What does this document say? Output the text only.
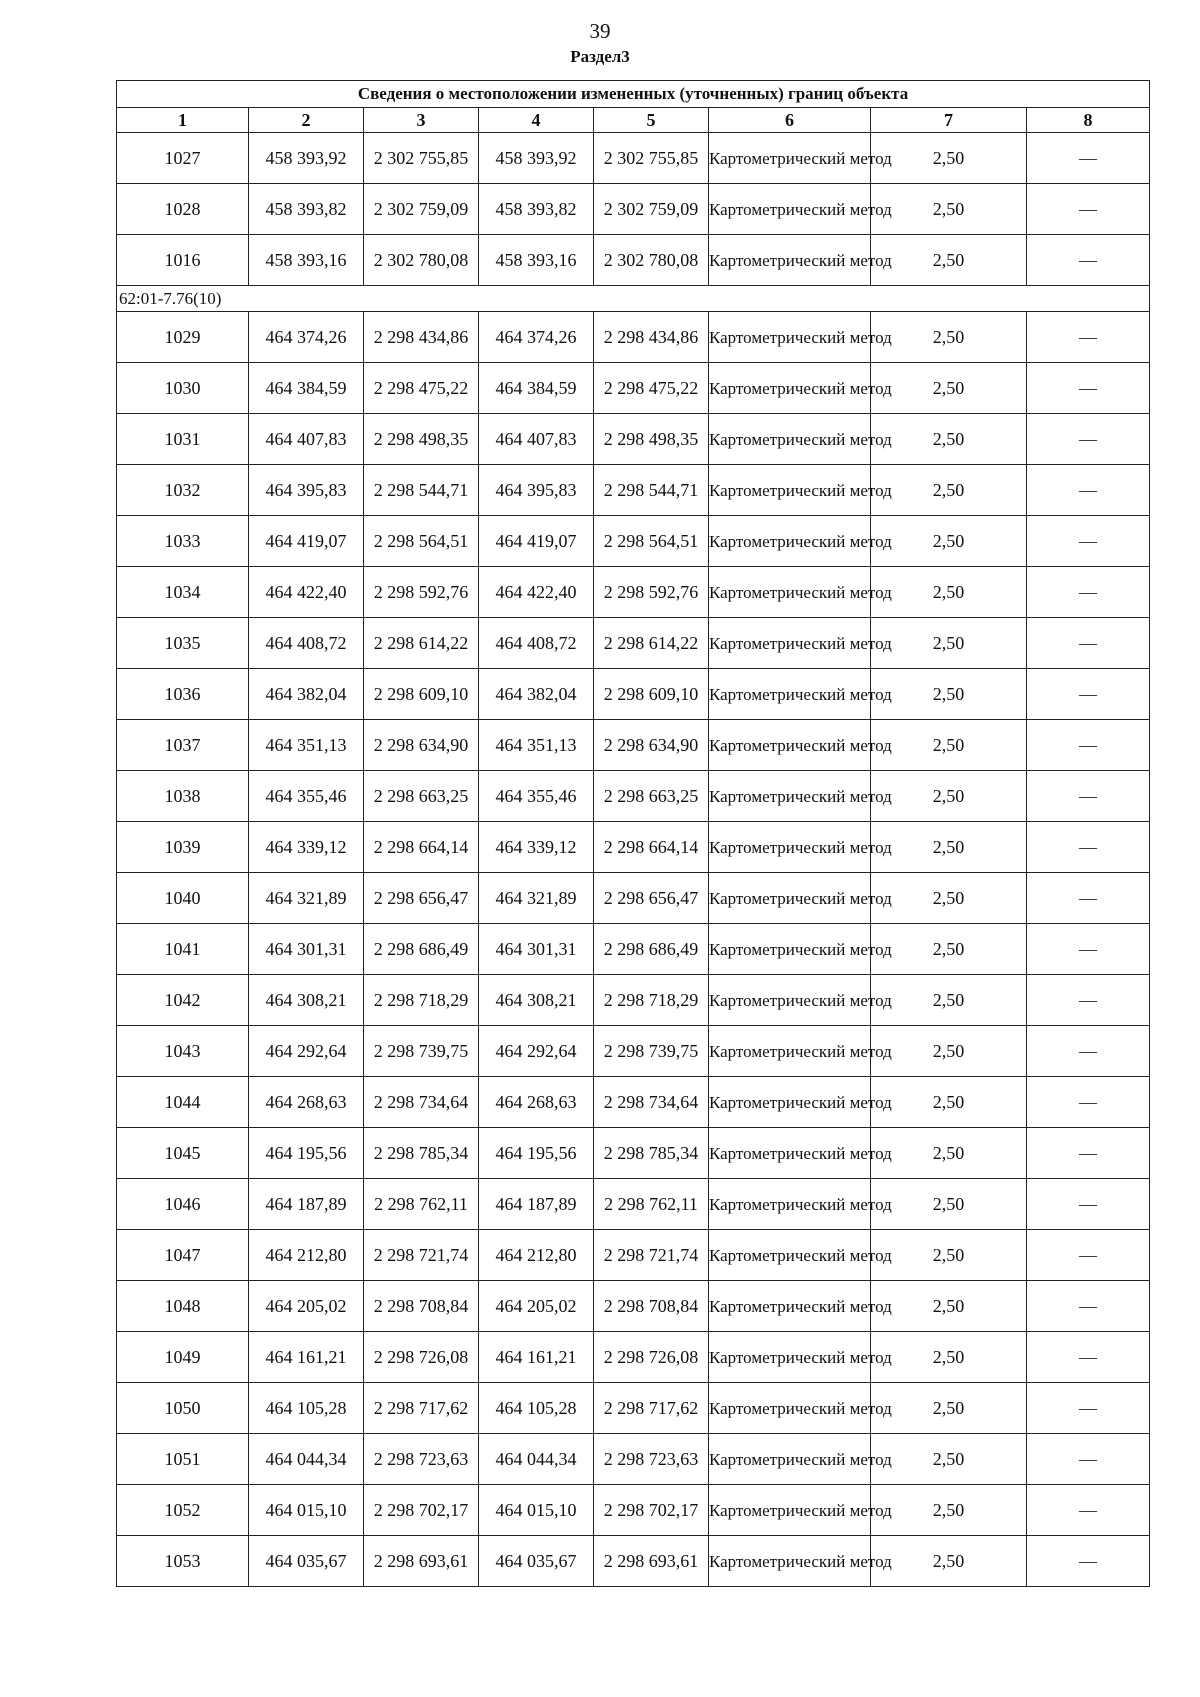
39
Раздел3
Сведения о местоположении измененных (уточненных) границ объекта							
1	2	3	4	5	6	7	8
1027	458 393,92	2 302 755,85	458 393,92	2 302 755,85	Картометрический метод	2,50	—
1028	458 393,82	2 302 759,09	458 393,82	2 302 759,09	Картометрический метод	2,50	—
1016	458 393,16	2 302 780,08	458 393,16	2 302 780,08	Картометрический метод	2,50	—
62:01-7.76(10)							
1029	464 374,26	2 298 434,86	464 374,26	2 298 434,86	Картометрический метод	2,50	—
1030	464 384,59	2 298 475,22	464 384,59	2 298 475,22	Картометрический метод	2,50	—
1031	464 407,83	2 298 498,35	464 407,83	2 298 498,35	Картометрический метод	2,50	—
1032	464 395,83	2 298 544,71	464 395,83	2 298 544,71	Картометрический метод	2,50	—
1033	464 419,07	2 298 564,51	464 419,07	2 298 564,51	Картометрический метод	2,50	—
1034	464 422,40	2 298 592,76	464 422,40	2 298 592,76	Картометрический метод	2,50	—
1035	464 408,72	2 298 614,22	464 408,72	2 298 614,22	Картометрический метод	2,50	—
1036	464 382,04	2 298 609,10	464 382,04	2 298 609,10	Картометрический метод	2,50	—
1037	464 351,13	2 298 634,90	464 351,13	2 298 634,90	Картометрический метод	2,50	—
1038	464 355,46	2 298 663,25	464 355,46	2 298 663,25	Картометрический метод	2,50	—
1039	464 339,12	2 298 664,14	464 339,12	2 298 664,14	Картометрический метод	2,50	—
1040	464 321,89	2 298 656,47	464 321,89	2 298 656,47	Картометрический метод	2,50	—
1041	464 301,31	2 298 686,49	464 301,31	2 298 686,49	Картометрический метод	2,50	—
1042	464 308,21	2 298 718,29	464 308,21	2 298 718,29	Картометрический метод	2,50	—
1043	464 292,64	2 298 739,75	464 292,64	2 298 739,75	Картометрический метод	2,50	—
1044	464 268,63	2 298 734,64	464 268,63	2 298 734,64	Картометрический метод	2,50	—
1045	464 195,56	2 298 785,34	464 195,56	2 298 785,34	Картометрический метод	2,50	—
1046	464 187,89	2 298 762,11	464 187,89	2 298 762,11	Картометрический метод	2,50	—
1047	464 212,80	2 298 721,74	464 212,80	2 298 721,74	Картометрический метод	2,50	—
1048	464 205,02	2 298 708,84	464 205,02	2 298 708,84	Картометрический метод	2,50	—
1049	464 161,21	2 298 726,08	464 161,21	2 298 726,08	Картометрический метод	2,50	—
1050	464 105,28	2 298 717,62	464 105,28	2 298 717,62	Картометрический метод	2,50	—
1051	464 044,34	2 298 723,63	464 044,34	2 298 723,63	Картометрический метод	2,50	—
1052	464 015,10	2 298 702,17	464 015,10	2 298 702,17	Картометрический метод	2,50	—
1053	464 035,67	2 298 693,61	464 035,67	2 298 693,61	Картометрический метод	2,50	—
